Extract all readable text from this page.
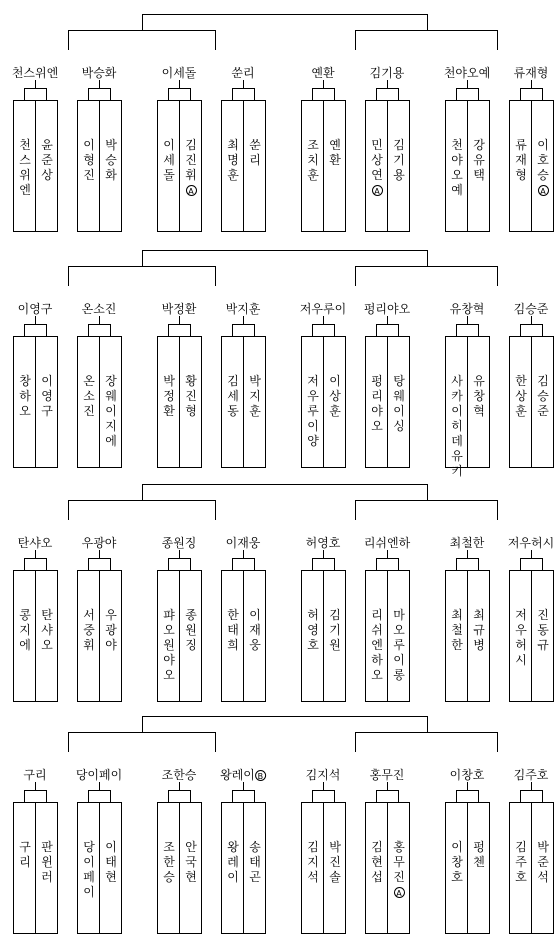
천스위엔 박승화
천스위엔
윤준상
이형진
박승화
이세돌	쑨리
이세돌
김진휘
A
최명훈
쑨리
옌환	김기용
조치훈
옌환
민상연
A
김기용
천야오예 류재형
천야오예
강유택
류재형
이호승
A
이영구 온소진
창하오
이영구
온소진
장웨이지에
박정환 박지훈
박정환
황진형
김세동
박지훈
저우루이 펑리야오
저우루이양
이상훈
펑리야오
탕웨이싱
유창혁 김승준
사카이히데유키
유창혁
한상훈
김승준
탄샤오 우광야
콩지에
탄샤오
서중휘
우광야
종원징 이재웅
퍄오원야오
종원징
한태희
이재웅
허영호 리쉬엔하
허영호
김기원
리쉬엔하오
마오루이롱
최철한 저우허시
최철한
최규병
저우허시
진동규
구리 당이페이
구리
판윈러
당이페이
이태현
조한승 왕레이 B
조한승
안국현
왕레이
송태곤
김지석 홍무진
김지석
박진솔
김현섭
홍무진
A
이창호 김주호
이창호
펑첸
김주호
박준석
